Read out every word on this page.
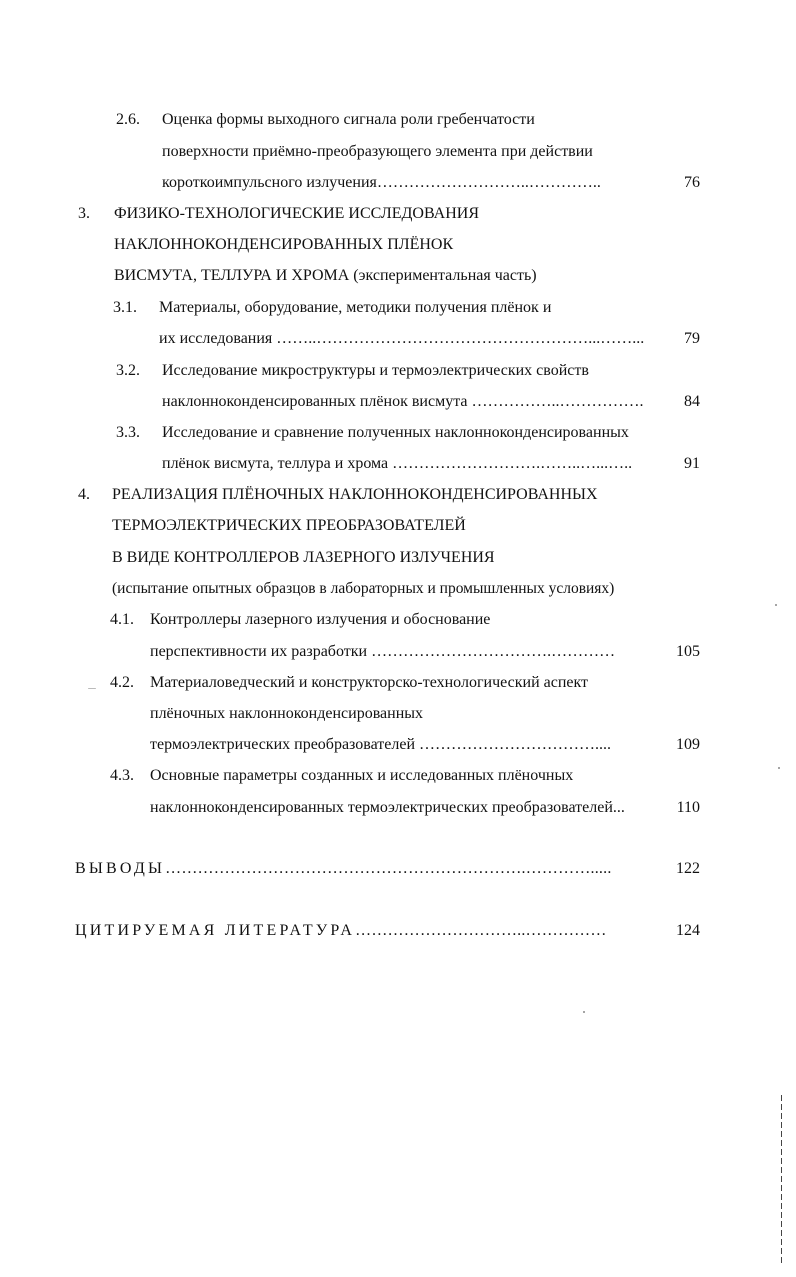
2.6. Оценка формы выходного сигнала роли гребенчатости
поверхности приёмно-преобразующего элемента при действии
короткоимпульсного излучения………………………..…………..	76
3. ФИЗИКО-ТЕХНОЛОГИЧЕСКИЕ ИССЛЕДОВАНИЯ
НАКЛОННОКОНДЕНСИРОВАННЫХ ПЛЁНОК
ВИСМУТА, ТЕЛЛУРА И ХРОМА (экспериментальная часть)
3.1. Материалы, оборудование, методики получения плёнок и
их исследования ……..……………………………………………...……... 79
3.2. Исследование микроструктуры и термоэлектрических свойств
наклонноконденсированных плёнок висмута ……………..…………….	84
3.3. Исследование и сравнение полученных наклонноконденсированных
плёнок висмута, теллура и хрома ……………………….……..…...…..	91
4. РЕАЛИЗАЦИЯ ПЛЁНОЧНЫХ НАКЛОННОКОНДЕНСИРОВАННЫХ
ТЕРМОЭЛЕКТРИЧЕСКИХ ПРЕОБРАЗОВАТЕЛЕЙ
В ВИДЕ КОНТРОЛЛЕРОВ ЛАЗЕРНОГО ИЗЛУЧЕНИЯ
(испытание опытных образцов в лабораторных и промышленных условиях)
4.1. Контроллеры лазерного излучения и обоснование
перспективности их разработки …………………………….…………	105
4.2. Материаловедческий и конструкторско-технологический аспект
плёночных наклонноконденсированных
термоэлектрических преобразователей ……………………………....	109
4.3. Основные параметры созданных и исследованных плёночных
наклонноконденсированных термоэлектрических преобразователей...	110
ВЫВОДЫ………………………………………………………….………….....	122
ЦИТИРУЕМАЯ ЛИТЕРАТУРА…………………………..……………	124
